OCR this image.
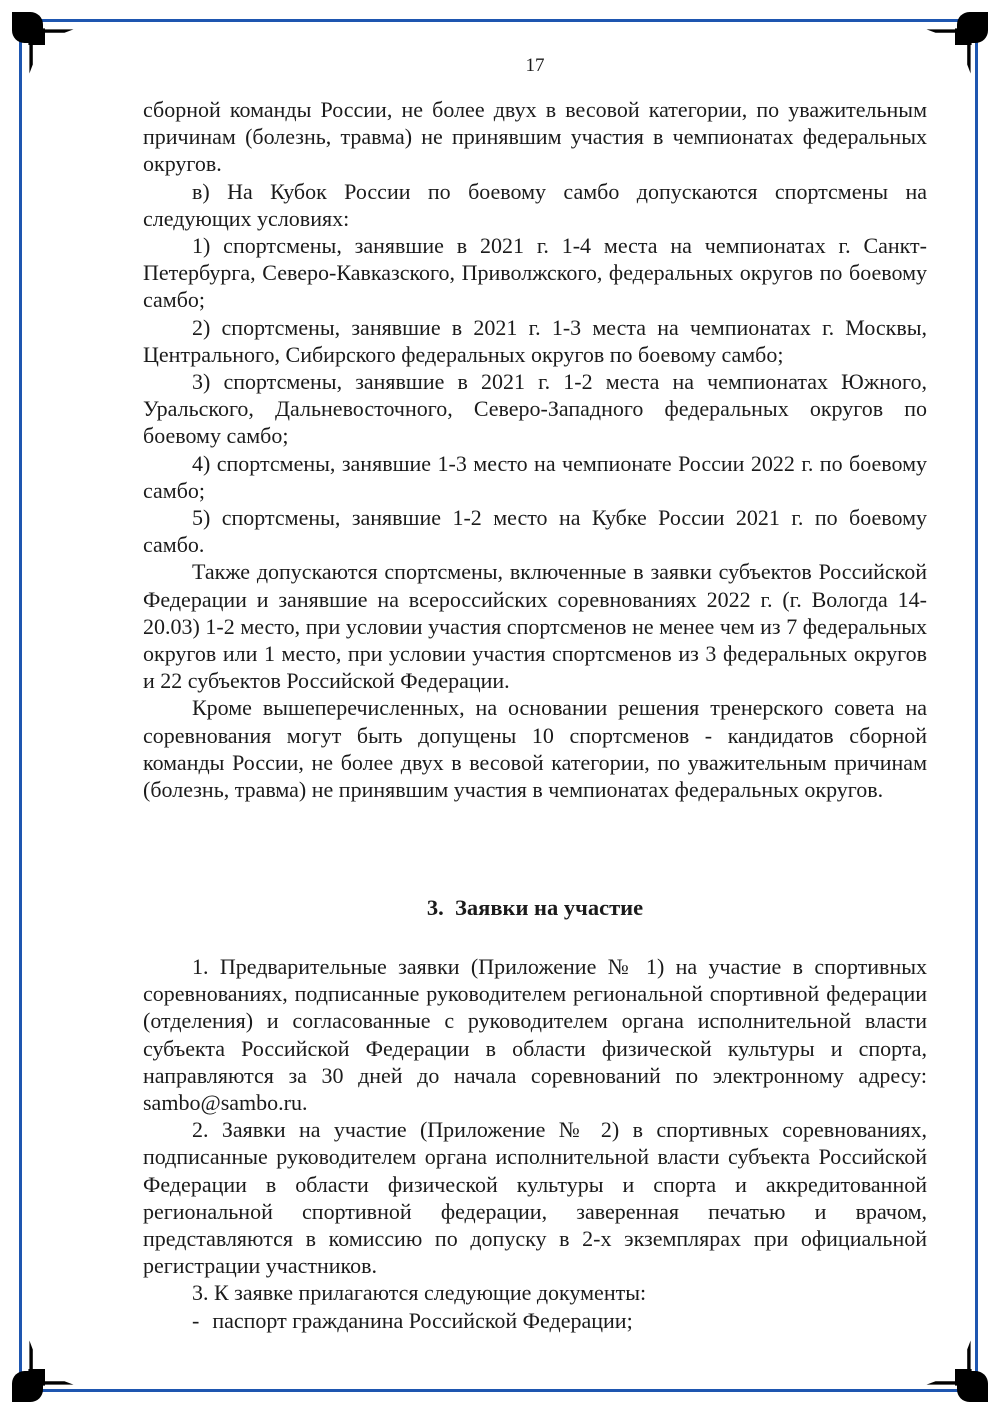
17

сборной команды России, не более двух в весовой категории, по уважительным причинам (болезнь, травма) не принявшим участия в чемпионатах федеральных округов.

в) На Кубок России по боевому самбо допускаются спортсмены на следующих условиях:

1) спортсмены, занявшие в 2021 г. 1-4 места на чемпионатах г. Санкт-Петербурга, Северо-Кавказского, Приволжского, федеральных округов по боевому самбо;

2) спортсмены, занявшие в 2021 г. 1-3 места на чемпионатах г. Москвы, Центрального, Сибирского федеральных округов по боевому самбо;

3) спортсмены, занявшие в 2021 г. 1-2 места на чемпионатах Южного, Уральского, Дальневосточного, Северо-Западного федеральных округов по боевому самбо;

4) спортсмены, занявшие 1-3 место на чемпионате России 2022 г. по боевому самбо;

5) спортсмены, занявшие 1-2 место на Кубке России 2021 г. по боевому самбо.

Также допускаются спортсмены, включенные в заявки субъектов Российской Федерации и занявшие на всероссийских соревнованиях 2022 г. (г. Вологда 14-20.03) 1-2 место, при условии участия спортсменов не менее чем из 7 федеральных округов или 1 место, при условии участия спортсменов из 3 федеральных округов и 22 субъектов Российской Федерации.

Кроме вышеперечисленных, на основании решения тренерского совета на соревнования могут быть допущены 10 спортсменов - кандидатов сборной команды России, не более двух в весовой категории, по уважительным причинам (болезнь, травма) не принявшим участия в чемпионатах федеральных округов.

3.  Заявки на участие

1. Предварительные заявки (Приложение № 1) на участие в спортивных соревнованиях, подписанные руководителем региональной спортивной федерации (отделения) и согласованные с руководителем органа исполнительной власти субъекта Российской Федерации в области физической культуры и спорта, направляются за 30 дней до начала соревнований по электронному адресу: sambo@sambo.ru.

2. Заявки на участие (Приложение № 2) в спортивных соревнованиях, подписанные руководителем органа исполнительной власти субъекта Российской Федерации в области физической культуры и спорта и аккредитованной региональной спортивной федерации, заверенная печатью и врачом, представляются в комиссию по допуску в 2-х экземплярах при официальной регистрации участников.

3. К заявке прилагаются следующие документы:

- паспорт гражданина Российской Федерации;
